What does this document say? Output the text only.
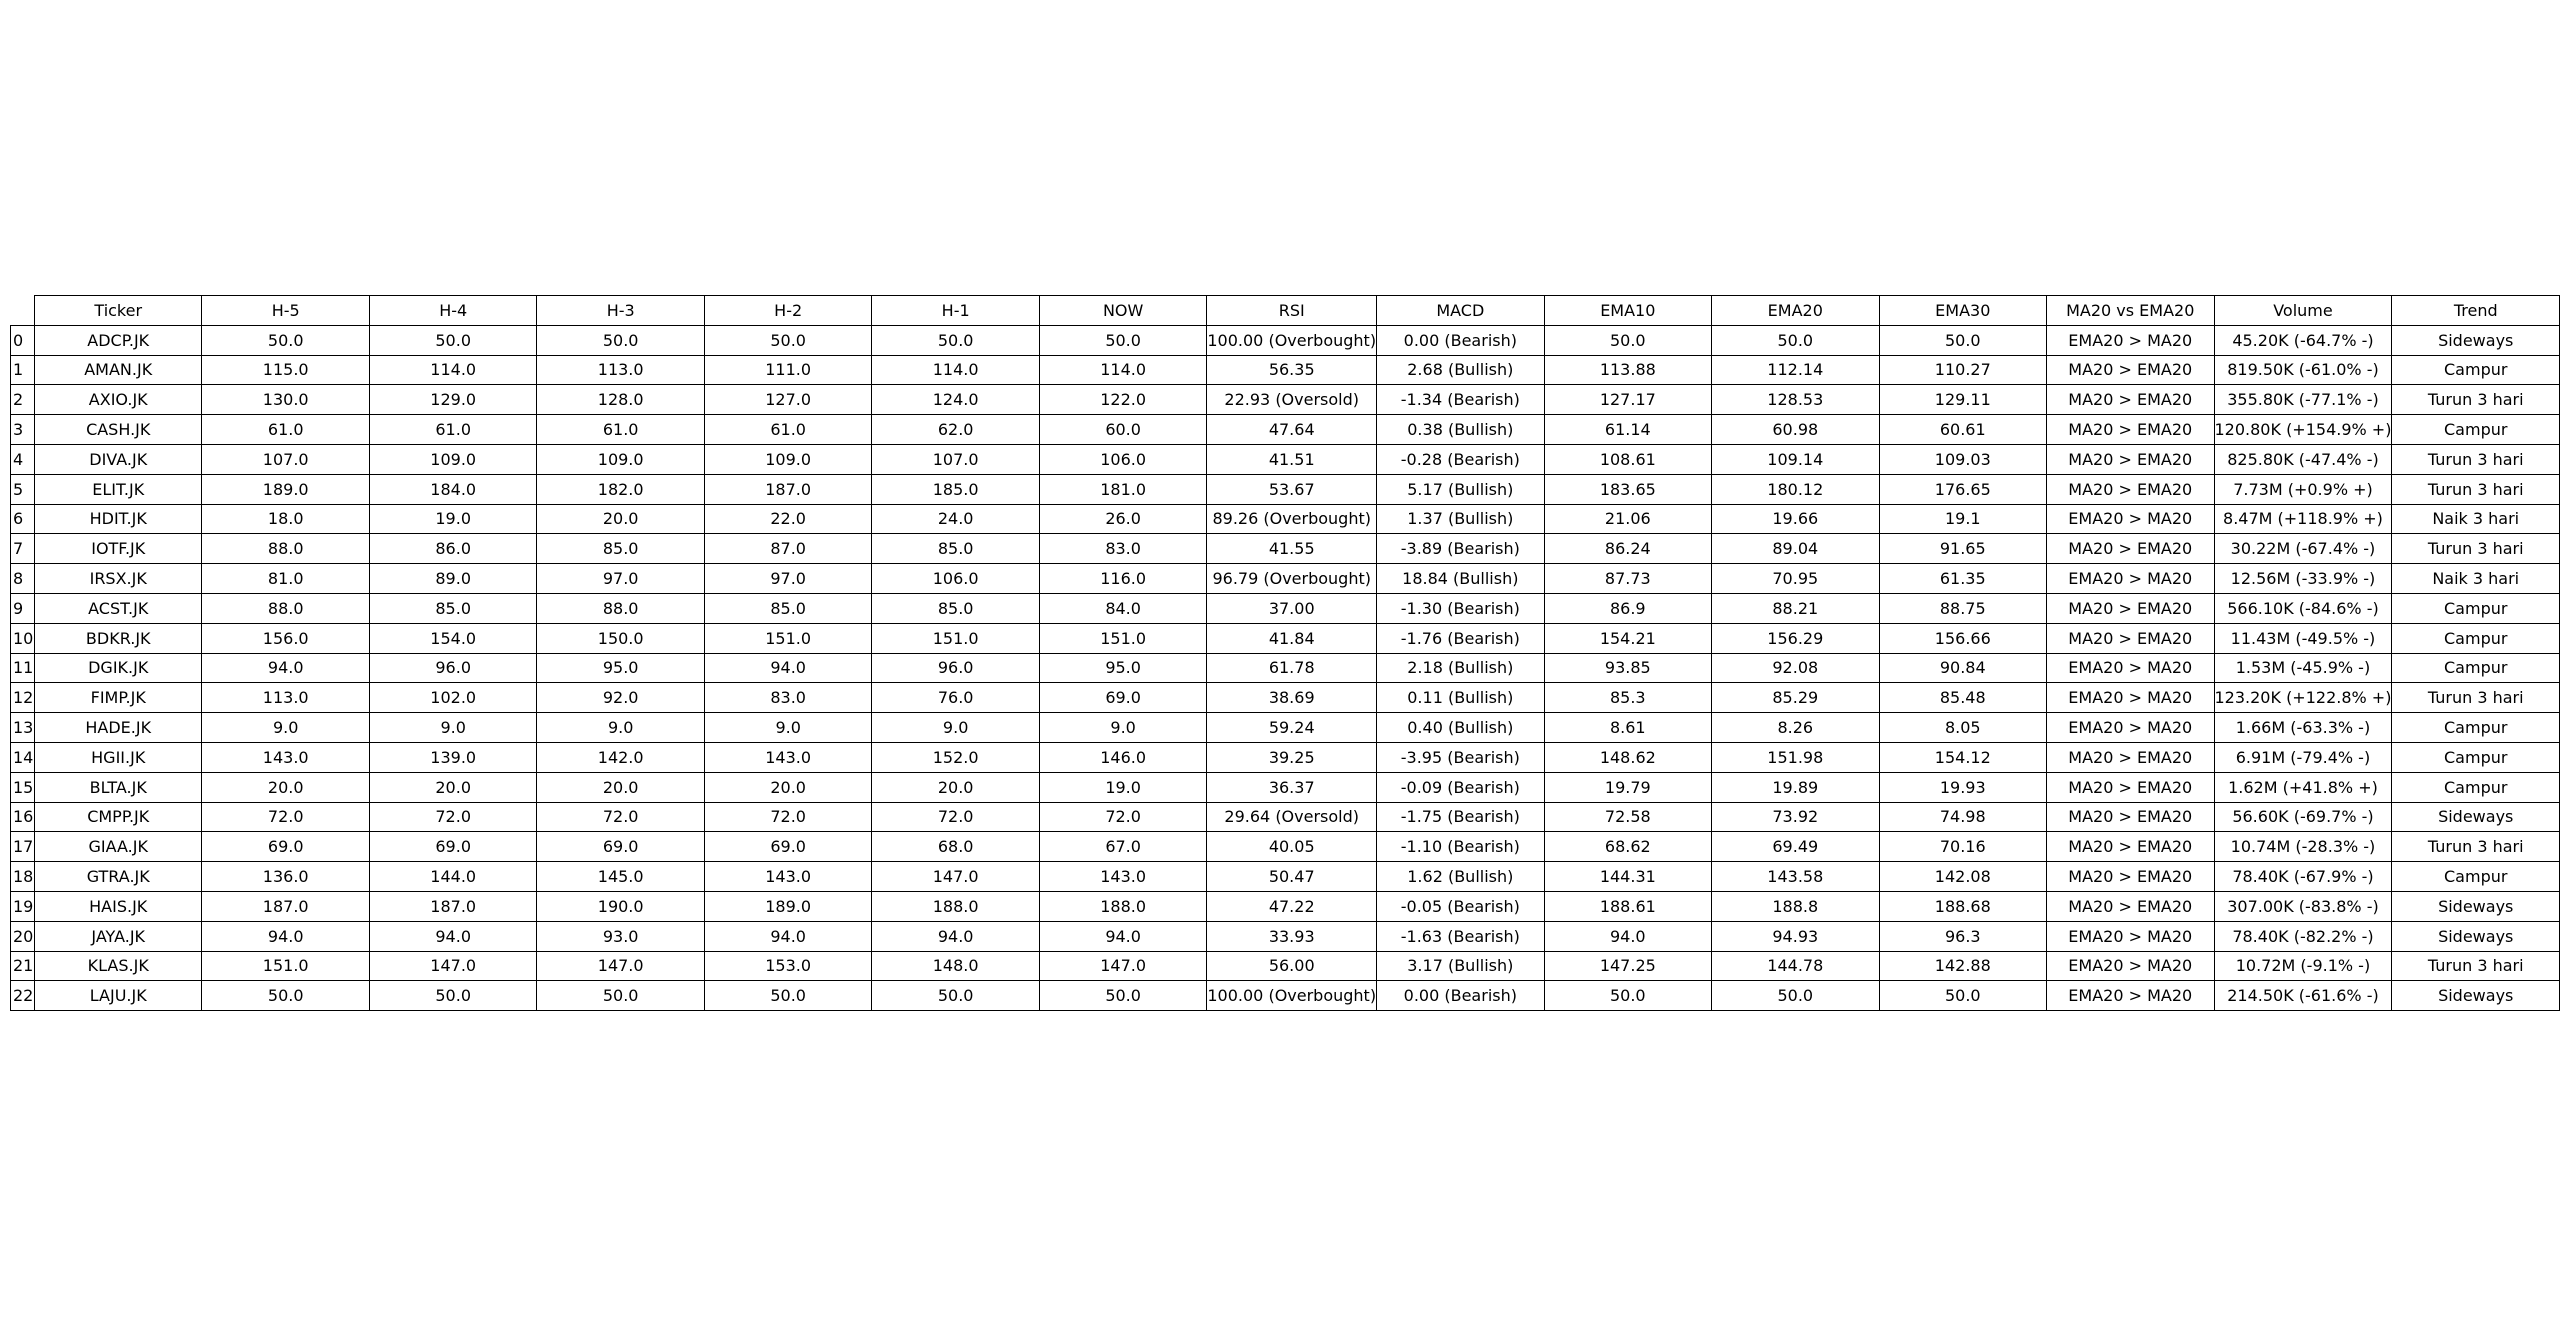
	Ticker	H-5	H-4	H-3	H-2	H-1	NOW	RSI	MACD	EMA10	EMA20	EMA30	MA20 vs EMA20	Volume	Trend
0	ADCP.JK	50.0	50.0	50.0	50.0	50.0	50.0	100.00 (Overbought)	0.00 (Bearish)	50.0	50.0	50.0	EMA20 > MA20	45.20K (-64.7% -)	Sideways
1	AMAN.JK	115.0	114.0	113.0	111.0	114.0	114.0	56.35	2.68 (Bullish)	113.88	112.14	110.27	MA20 > EMA20	819.50K (-61.0% -)	Campur
2	AXIO.JK	130.0	129.0	128.0	127.0	124.0	122.0	22.93 (Oversold)	-1.34 (Bearish)	127.17	128.53	129.11	MA20 > EMA20	355.80K (-77.1% -)	Turun 3 hari
3	CASH.JK	61.0	61.0	61.0	61.0	62.0	60.0	47.64	0.38 (Bullish)	61.14	60.98	60.61	MA20 > EMA20	120.80K (+154.9% +)	Campur
4	DIVA.JK	107.0	109.0	109.0	109.0	107.0	106.0	41.51	-0.28 (Bearish)	108.61	109.14	109.03	MA20 > EMA20	825.80K (-47.4% -)	Turun 3 hari
5	ELIT.JK	189.0	184.0	182.0	187.0	185.0	181.0	53.67	5.17 (Bullish)	183.65	180.12	176.65	MA20 > EMA20	7.73M (+0.9% +)	Turun 3 hari
6	HDIT.JK	18.0	19.0	20.0	22.0	24.0	26.0	89.26 (Overbought)	1.37 (Bullish)	21.06	19.66	19.1	EMA20 > MA20	8.47M (+118.9% +)	Naik 3 hari
7	IOTF.JK	88.0	86.0	85.0	87.0	85.0	83.0	41.55	-3.89 (Bearish)	86.24	89.04	91.65	MA20 > EMA20	30.22M (-67.4% -)	Turun 3 hari
8	IRSX.JK	81.0	89.0	97.0	97.0	106.0	116.0	96.79 (Overbought)	18.84 (Bullish)	87.73	70.95	61.35	EMA20 > MA20	12.56M (-33.9% -)	Naik 3 hari
9	ACST.JK	88.0	85.0	88.0	85.0	85.0	84.0	37.00	-1.30 (Bearish)	86.9	88.21	88.75	MA20 > EMA20	566.10K (-84.6% -)	Campur
10	BDKR.JK	156.0	154.0	150.0	151.0	151.0	151.0	41.84	-1.76 (Bearish)	154.21	156.29	156.66	MA20 > EMA20	11.43M (-49.5% -)	Campur
11	DGIK.JK	94.0	96.0	95.0	94.0	96.0	95.0	61.78	2.18 (Bullish)	93.85	92.08	90.84	EMA20 > MA20	1.53M (-45.9% -)	Campur
12	FIMP.JK	113.0	102.0	92.0	83.0	76.0	69.0	38.69	0.11 (Bullish)	85.3	85.29	85.48	EMA20 > MA20	123.20K (+122.8% +)	Turun 3 hari
13	HADE.JK	9.0	9.0	9.0	9.0	9.0	9.0	59.24	0.40 (Bullish)	8.61	8.26	8.05	EMA20 > MA20	1.66M (-63.3% -)	Campur
14	HGII.JK	143.0	139.0	142.0	143.0	152.0	146.0	39.25	-3.95 (Bearish)	148.62	151.98	154.12	MA20 > EMA20	6.91M (-79.4% -)	Campur
15	BLTA.JK	20.0	20.0	20.0	20.0	20.0	19.0	36.37	-0.09 (Bearish)	19.79	19.89	19.93	MA20 > EMA20	1.62M (+41.8% +)	Campur
16	CMPP.JK	72.0	72.0	72.0	72.0	72.0	72.0	29.64 (Oversold)	-1.75 (Bearish)	72.58	73.92	74.98	MA20 > EMA20	56.60K (-69.7% -)	Sideways
17	GIAA.JK	69.0	69.0	69.0	69.0	68.0	67.0	40.05	-1.10 (Bearish)	68.62	69.49	70.16	MA20 > EMA20	10.74M (-28.3% -)	Turun 3 hari
18	GTRA.JK	136.0	144.0	145.0	143.0	147.0	143.0	50.47	1.62 (Bullish)	144.31	143.58	142.08	MA20 > EMA20	78.40K (-67.9% -)	Campur
19	HAIS.JK	187.0	187.0	190.0	189.0	188.0	188.0	47.22	-0.05 (Bearish)	188.61	188.8	188.68	MA20 > EMA20	307.00K (-83.8% -)	Sideways
20	JAYA.JK	94.0	94.0	93.0	94.0	94.0	94.0	33.93	-1.63 (Bearish)	94.0	94.93	96.3	EMA20 > MA20	78.40K (-82.2% -)	Sideways
21	KLAS.JK	151.0	147.0	147.0	153.0	148.0	147.0	56.00	3.17 (Bullish)	147.25	144.78	142.88	EMA20 > MA20	10.72M (-9.1% -)	Turun 3 hari
22	LAJU.JK	50.0	50.0	50.0	50.0	50.0	50.0	100.00 (Overbought)	0.00 (Bearish)	50.0	50.0	50.0	EMA20 > MA20	214.50K (-61.6% -)	Sideways
